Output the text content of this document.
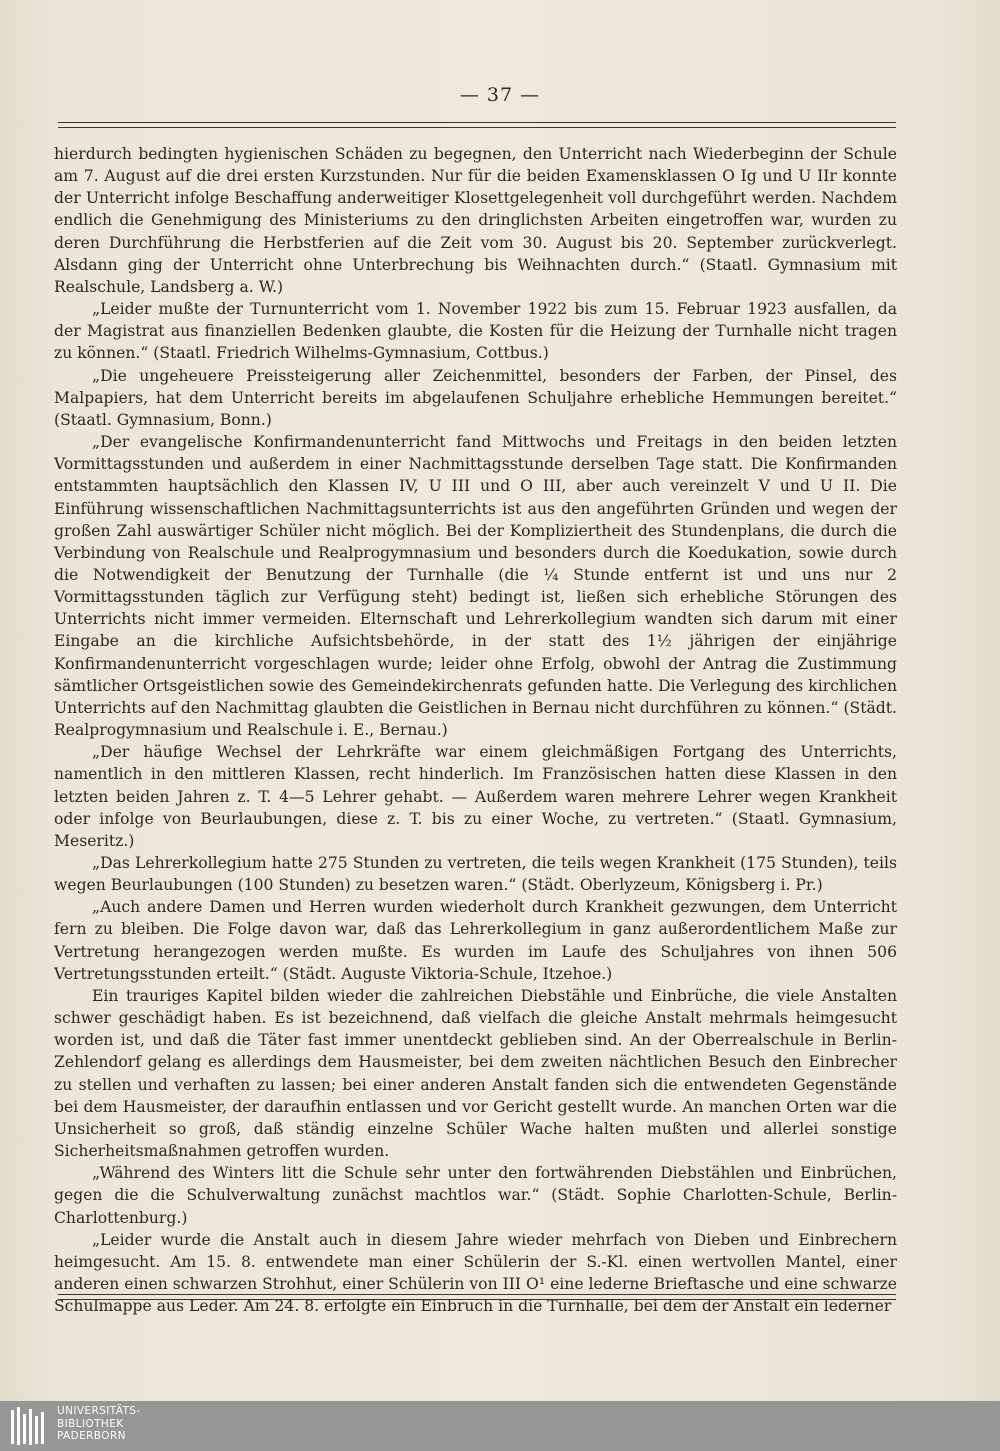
— 37 —

hierdurch bedingten hygienischen Schäden zu begegnen, den Unterricht nach Wiederbeginn der Schule am 7. August auf die drei ersten Kurzstunden. Nur für die beiden Examensklassen O Ig und U IIr konnte der Unterricht infolge Beschaffung anderweitiger Klosettgelegenheit voll durchgeführt werden. Nachdem endlich die Genehmigung des Ministeriums zu den dringlichsten Arbeiten eingetroffen war, wurden zu deren Durchführung die Herbstferien auf die Zeit vom 30. August bis 20. September zurückverlegt. Alsdann ging der Unterricht ohne Unterbrechung bis Weihnachten durch.“ (Staatl. Gymnasium mit Realschule, Landsberg a. W.)

„Leider mußte der Turnunterricht vom 1. November 1922 bis zum 15. Februar 1923 ausfallen, da der Magistrat aus finanziellen Bedenken glaubte, die Kosten für die Heizung der Turnhalle nicht tragen zu können.“ (Staatl. Friedrich Wilhelms-Gymnasium, Cottbus.)

„Die ungeheuere Preissteigerung aller Zeichenmittel, besonders der Farben, der Pinsel, des Malpapiers, hat dem Unterricht bereits im abgelaufenen Schuljahre erhebliche Hemmungen bereitet.“ (Staatl. Gymnasium, Bonn.)

„Der evangelische Konfirmandenunterricht fand Mittwochs und Freitags in den beiden letzten Vormittagsstunden und außerdem in einer Nachmittagsstunde derselben Tage statt. Die Konfirmanden entstammten hauptsächlich den Klassen IV, U III und O III, aber auch vereinzelt V und U II. Die Einführung wissenschaftlichen Nachmittagsunterrichts ist aus den angeführten Gründen und wegen der großen Zahl auswärtiger Schüler nicht möglich. Bei der Kompliziertheit des Stundenplans, die durch die Verbindung von Realschule und Realprogymnasium und besonders durch die Koedukation, sowie durch die Notwendigkeit der Benutzung der Turnhalle (die ¼ Stunde entfernt ist und uns nur 2 Vormittagsstunden täglich zur Verfügung steht) bedingt ist, ließen sich erhebliche Störungen des Unterrichts nicht immer vermeiden. Elternschaft und Lehrerkollegium wandten sich darum mit einer Eingabe an die kirchliche Aufsichtsbehörde, in der statt des 1½ jährigen der einjährige Konfirmandenunterricht vorgeschlagen wurde; leider ohne Erfolg, obwohl der Antrag die Zustimmung sämtlicher Ortsgeistlichen sowie des Gemeindekirchenrats gefunden hatte. Die Verlegung des kirchlichen Unterrichts auf den Nachmittag glaubten die Geistlichen in Bernau nicht durchführen zu können.“ (Städt. Realprogymnasium und Realschule i. E., Bernau.)

„Der häufige Wechsel der Lehrkräfte war einem gleichmäßigen Fortgang des Unterrichts, namentlich in den mittleren Klassen, recht hinderlich. Im Französischen hatten diese Klassen in den letzten beiden Jahren z. T. 4—5 Lehrer gehabt. — Außerdem waren mehrere Lehrer wegen Krankheit oder infolge von Beurlaubungen, diese z. T. bis zu einer Woche, zu vertreten.“ (Staatl. Gymnasium, Meseritz.)

„Das Lehrerkollegium hatte 275 Stunden zu vertreten, die teils wegen Krankheit (175 Stunden), teils wegen Beurlaubungen (100 Stunden) zu besetzen waren.“ (Städt. Oberlyzeum, Königsberg i. Pr.)

„Auch andere Damen und Herren wurden wiederholt durch Krankheit gezwungen, dem Unterricht fern zu bleiben. Die Folge davon war, daß das Lehrerkollegium in ganz außerordentlichem Maße zur Vertretung herangezogen werden mußte. Es wurden im Laufe des Schuljahres von ihnen 506 Vertretungsstunden erteilt.“ (Städt. Auguste Viktoria-Schule, Itzehoe.)

Ein trauriges Kapitel bilden wieder die zahlreichen Diebstähle und Einbrüche, die viele Anstalten schwer geschädigt haben. Es ist bezeichnend, daß vielfach die gleiche Anstalt mehrmals heimgesucht worden ist, und daß die Täter fast immer unentdeckt geblieben sind. An der Oberrealschule in Berlin-Zehlendorf gelang es allerdings dem Hausmeister, bei dem zweiten nächtlichen Besuch den Einbrecher zu stellen und verhaften zu lassen; bei einer anderen Anstalt fanden sich die entwendeten Gegenstände bei dem Hausmeister, der daraufhin entlassen und vor Gericht gestellt wurde. An manchen Orten war die Unsicherheit so groß, daß ständig einzelne Schüler Wache halten mußten und allerlei sonstige Sicherheitsmaßnahmen getroffen wurden.

„Während des Winters litt die Schule sehr unter den fortwährenden Diebstählen und Einbrüchen, gegen die die Schulverwaltung zunächst machtlos war.“ (Städt. Sophie Charlotten-Schule, Berlin-Charlottenburg.)

„Leider wurde die Anstalt auch in diesem Jahre wieder mehrfach von Dieben und Einbrechern heimgesucht. Am 15. 8. entwendete man einer Schülerin der S.-Kl. einen wertvollen Mantel, einer anderen einen schwarzen Strohhut, einer Schülerin von III O¹ eine lederne Brieftasche und eine schwarze Schulmappe aus Leder. Am 24. 8. erfolgte ein Einbruch in die Turnhalle, bei dem der Anstalt ein lederner

UNIVERSITÄTS-
BIBLIOTHEK
PADERBORN
